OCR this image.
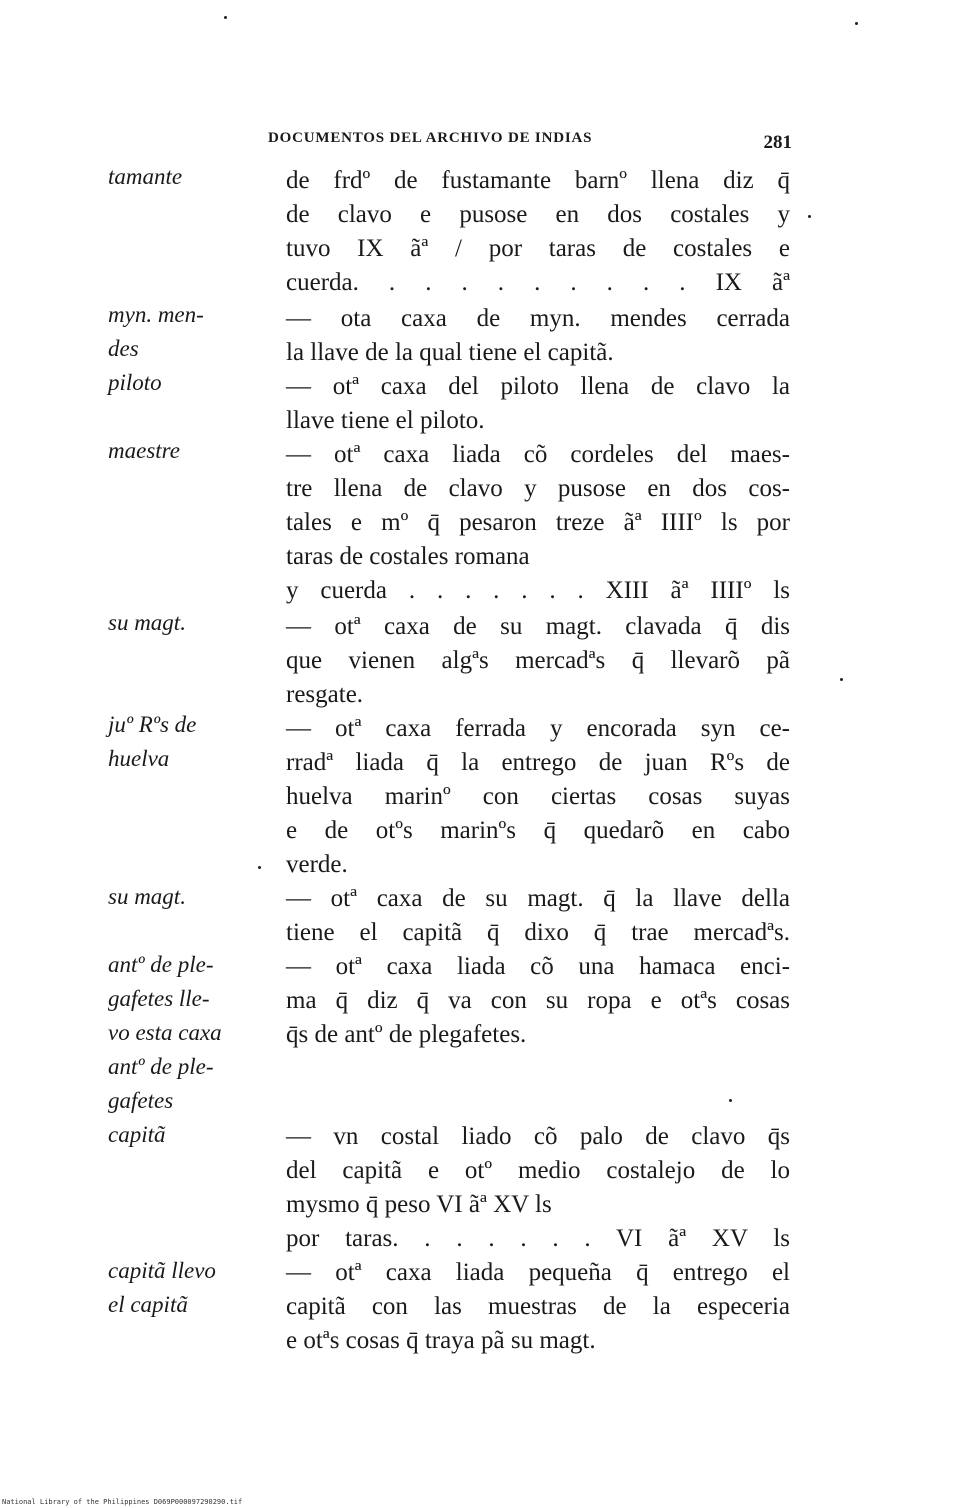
DOCUMENTOS DEL ARCHIVO DE INDIAS	281
tamante
myn. men-
des
piloto
maestre
su magt.
juº Rºs de
huelva
su magt.
antº de ple-
gafetes lle-
vo esta caxa
antº de ple-
gafetes
capitã
capitã llevo
el capitã
de frdº de fustamante barnº llena diz q̄
de clavo e pusose en dos costales y
tuvo IX ãª / por taras de costales e
cuerda. . . . . . . . . . IX ãª
— ota caxa de myn. mendes cerrada
la llave de la qual tiene el capitã.
— otª caxa del piloto llena de clavo la
llave tiene el piloto.
— otª caxa liada cõ cordeles del maes-
tre llena de clavo y pusose en dos cos-
tales e mº q̄ pesaron treze ãª IIIIº ls por
taras de costales romana
y cuerda . . . . . . . XIII ãª IIIIº ls
— otª caxa de su magt. clavada q̄ dis
que vienen algªs mercadªs q̄ llevarõ pã
resgate.
— otª caxa ferrada y encorada syn ce-
rradª liada q̄ la entrego de juan Rºs de
huelva marinº con ciertas cosas suyas
e de otºs marinºs q̄ quedarõ en cabo
verde.
— otª caxa de su magt. q̄ la llave della
tiene el capitã q̄ dixo q̄ trae mercadªs.
— otª caxa liada cõ una hamaca enci-
ma q̄ diz q̄ va con su ropa e otªs cosas
q̄s de antº de plegafetes.
— vn costal liado cõ palo de clavo q̄s
del capitã e otº medio costalejo de lo
mysmo q̄ peso VI ãª XV ls
por taras. . . . . . . VI ãª XV ls
— otª caxa liada pequeña q̄ entrego el
capitã con las muestras de la especeria
e otªs cosas q̄ traya pã su magt.
National Library of the Philippines D069P000097290290.tif
